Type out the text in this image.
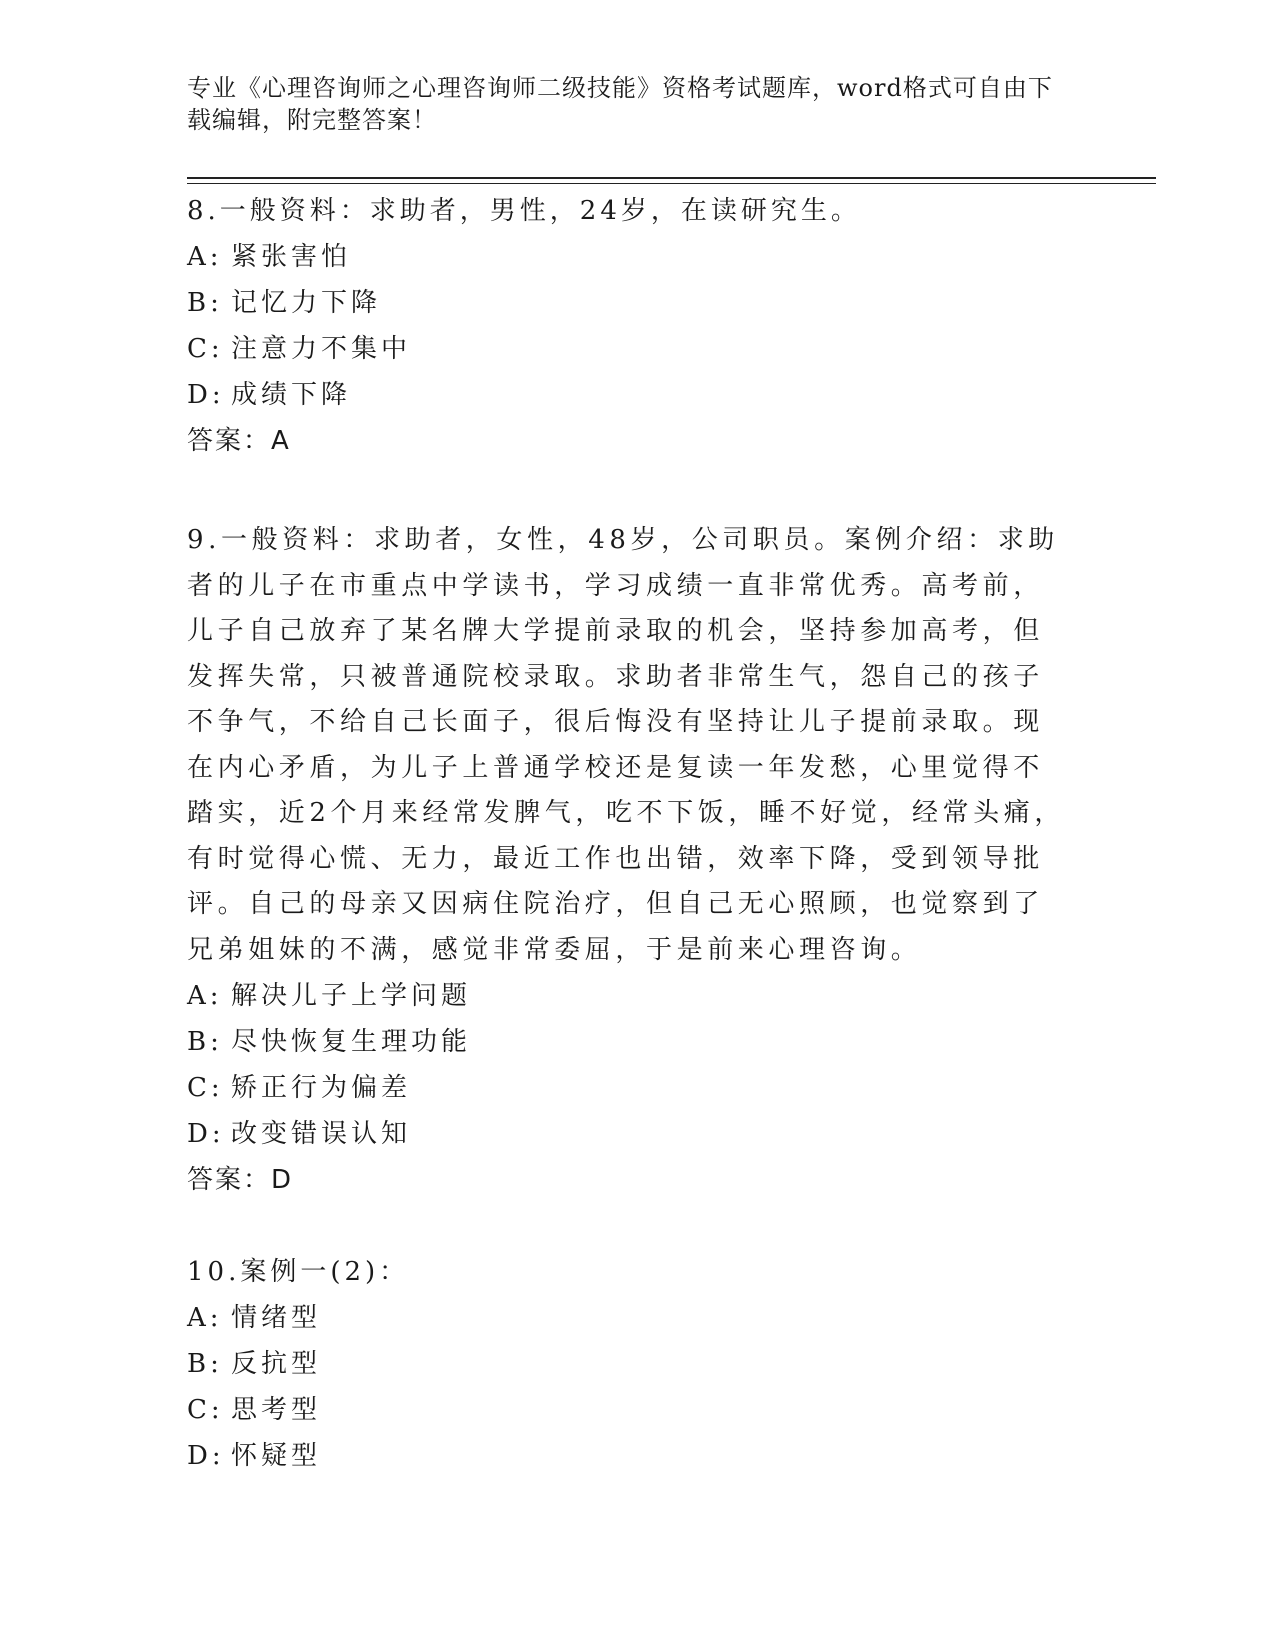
专业《心理咨询师之心理咨询师二级技能》资格考试题库，word格式可自由下载编辑，附完整答案！
8.一般资料：求助者，男性，24岁，在读研究生。
A: 紧张害怕
B: 记忆力下降
C: 注意力不集中
D: 成绩下降
答案：A
9.一般资料：求助者，女性，48岁，公司职员。案例介绍：求助者的儿子在市重点中学读书，学习成绩一直非常优秀。高考前，儿子自己放弃了某名牌大学提前录取的机会，坚持参加高考，但发挥失常，只被普通院校录取。求助者非常生气，怨自己的孩子不争气，不给自己长面子，很后悔没有坚持让儿子提前录取。现在内心矛盾，为儿子上普通学校还是复读一年发愁，心里觉得不踏实，近2个月来经常发脾气，吃不下饭，睡不好觉，经常头痛，有时觉得心慌、无力，最近工作也出错，效率下降，受到领导批评。自己的母亲又因病住院治疗，但自己无心照顾，也觉察到了兄弟姐妹的不满，感觉非常委屈，于是前来心理咨询。
A: 解决儿子上学问题
B: 尽快恢复生理功能
C: 矫正行为偏差
D: 改变错误认知
答案：D
10.案例一(2)：
A: 情绪型
B: 反抗型
C: 思考型
D: 怀疑型
